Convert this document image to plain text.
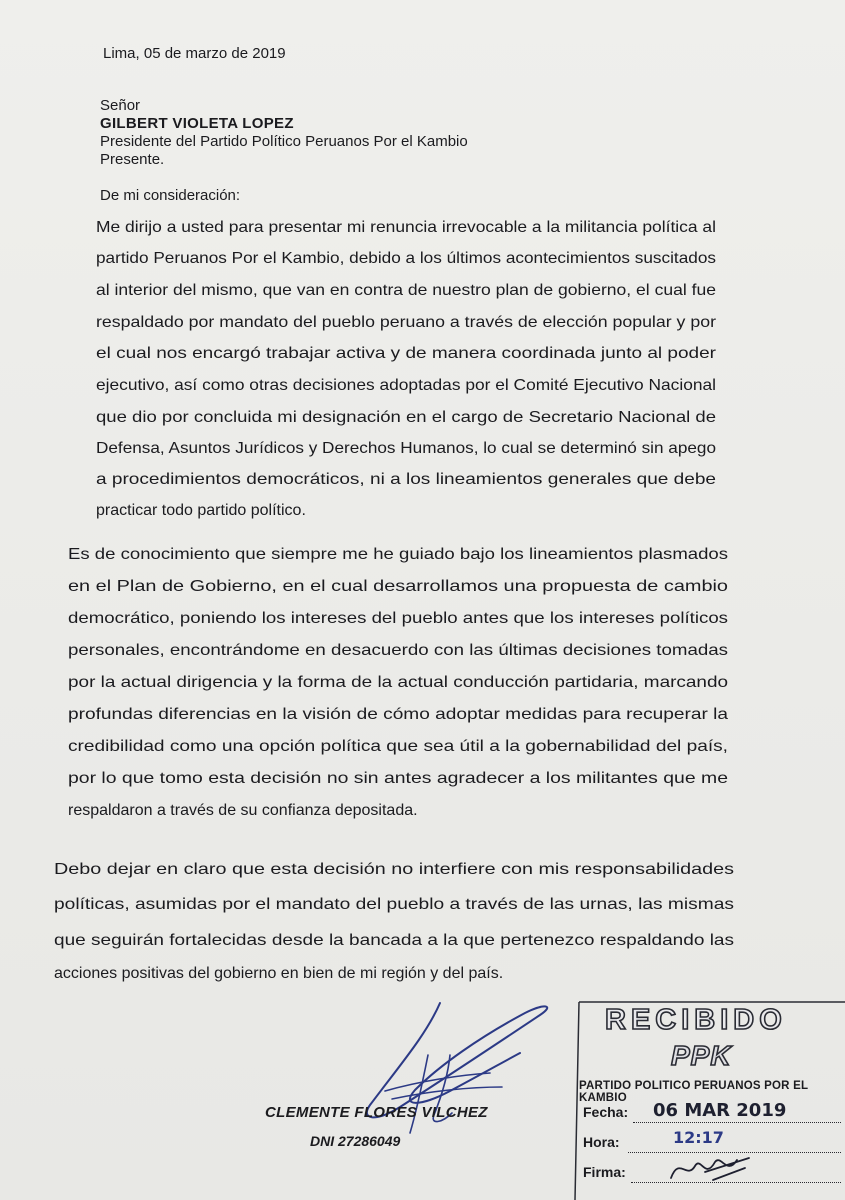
Lima, 05 de marzo de 2019
Señor
GILBERT VIOLETA LOPEZ
Presidente del Partido Político Peruanos Por el Kambio
Presente.
De mi consideración:
Me dirijo a usted para presentar mi renuncia irrevocable a la militancia política al
partido Peruanos Por el Kambio, debido a los últimos acontecimientos suscitados
al interior del mismo, que van en contra de nuestro plan de gobierno, el cual fue
respaldado por mandato del pueblo peruano a través de elección popular y por
el cual nos encargó trabajar activa y de manera coordinada junto al poder
ejecutivo, así como otras decisiones adoptadas por el Comité Ejecutivo Nacional
que dio por concluida mi designación en el cargo de Secretario Nacional de
Defensa, Asuntos Jurídicos y Derechos Humanos, lo cual se determinó sin apego
a procedimientos democráticos, ni a los lineamientos generales que debe
practicar todo partido político.
Es de conocimiento que siempre me he guiado bajo los lineamientos plasmados
en el Plan de Gobierno, en el cual desarrollamos una propuesta de cambio
democrático, poniendo los intereses del pueblo antes que los intereses políticos
personales, encontrándome en desacuerdo con las últimas decisiones tomadas
por la actual dirigencia y la forma de la actual conducción partidaria, marcando
profundas diferencias en la visión de cómo adoptar medidas para recuperar la
credibilidad como una opción política que sea útil a la gobernabilidad del país,
por lo que tomo esta decisión no sin antes agradecer a los militantes que me
respaldaron a través de su confianza depositada.
Debo dejar en claro que esta decisión no interfiere con mis responsabilidades
políticas, asumidas por el mandato del pueblo a través de las urnas, las mismas
que seguirán fortalecidas desde la bancada a la que pertenezco respaldando las
acciones positivas del gobierno en bien de mi región y del país.
CLEMENTE FLORES VILCHEZ
DNI 27286049
RECIBIDO
PPK
PARTIDO POLITICO PERUANOS POR EL KAMBIO
Fecha: 06 MAR 2019
Hora:	12:17
Firma:
